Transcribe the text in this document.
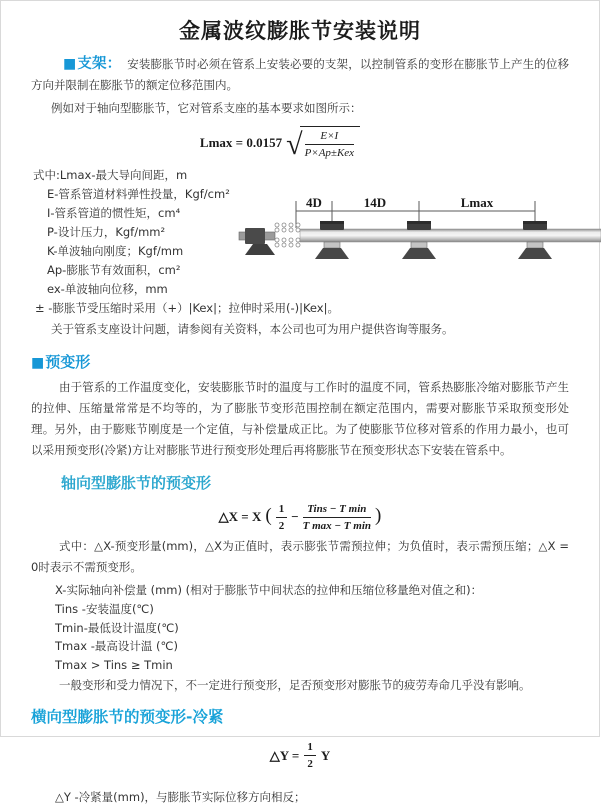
金属波纹膨胀节安装说明

■支架： 安装膨胀节时必须在管系上安装必要的支架，以控制管系的变形在膨胀节上产生的位移方向并限制在膨胀节的额定位移范围内。

例如对于轴向型膨胀节，它对管系支座的基本要求如图所示：

Lmax = 0.0157 √ $\frac{E\times I}{\text{P×Ap±Kex}}$
式中:Lmax-最大导向间距，m
E-管系管道材料弹性投量，Kgf/cm²
I-管系管道的惯性矩，cm⁴
P-设计压力，Kgf/mm²
K-单波轴向刚度；Kgf/mm
Ap-膨胀节有效面积，cm²
ex-单波轴向位移，mm
± -膨胀节受压缩时采用（+）|Kex|；拉伸时采用(-)|Kex|。

关于管系支座设计问题，请参阅有关资料，本公司也可为用户提供咨询等服务。

■预变形

由于管系的工作温度变化，安装膨胀节时的温度与工作时的温度不同，管系热膨胀冷缩对膨胀节产生的拉伸、压缩量常常是不均等的，为了膨胀节变形范围控制在额定范围内，需要对膨胀节采取预变形处理。另外，由于膨账节刚度是一个定值，与补偿量成正比。为了使膨胀节位移对管系的作用力最小，也可以采用预变形(冷紧)方让对膨胀节进行预变形处理后再将膨胀节在预变形状态下安装在管系中。

轴向型膨胀节的预变形
△X = X ( $\frac{1}{2} - \frac{\text{Tins − T min}}{\text{T max − T min}}$ )

式中：△X-预变形量(mm)，△X为正值时，表示膨张节需预拉伸；为负值时，表示需预压缩；△X = 0时表示不需预变形。

X-实际轴向补偿量 (mm) (相对于膨胀节中间状态的拉伸和压缩位移量绝对值之和)：

Tins -安装温度(℃)

Tmin-最低设计温度(℃)

Tmax -最高设计温 (℃)

Tmax > Tins ≥ Tmin

一般变形和受力情况下，不一定进行预变形，足否预变形对膨胀节的疲劳寿命几乎没有影响。

横向型膨胀节的预变形-冷紧
△Y = $\frac{1}{2}$ Y

△Y -冷紧量(mm)，与膨胀节实际位移方向相反；

4D	14D	Lmax
